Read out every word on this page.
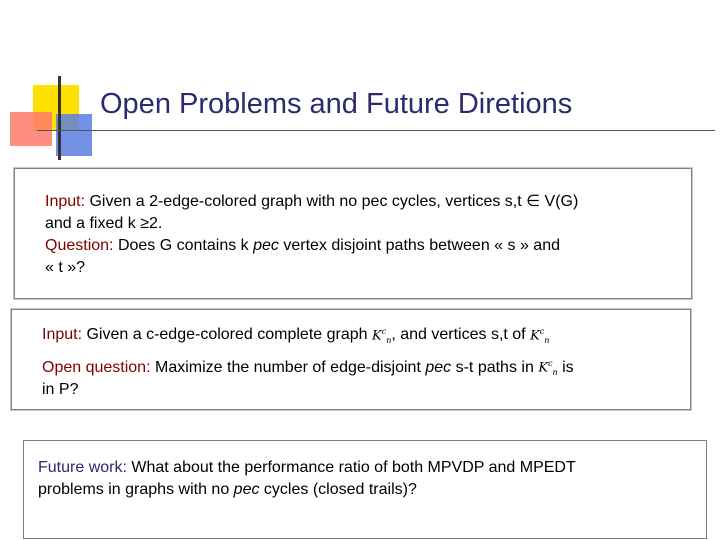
Open Problems and Future Diretions
Input: Given a 2-edge-colored graph with no pec cycles, vertices s,t ∈ V(G)
and a fixed k ≥2.
Question: Does G contains k pec vertex disjoint paths between « s » and
« t »?
Input: Given a c-edge-colored complete graph $K^c_n$, and vertices s,t of $K^c_n$
Open question: Maximize the number of edge-disjoint pec s-t paths in $K^c_n$ is
in P?
Future work: What about the performance ratio of both MPVDP and MPEDT
problems in graphs with no pec cycles (closed trails)?
